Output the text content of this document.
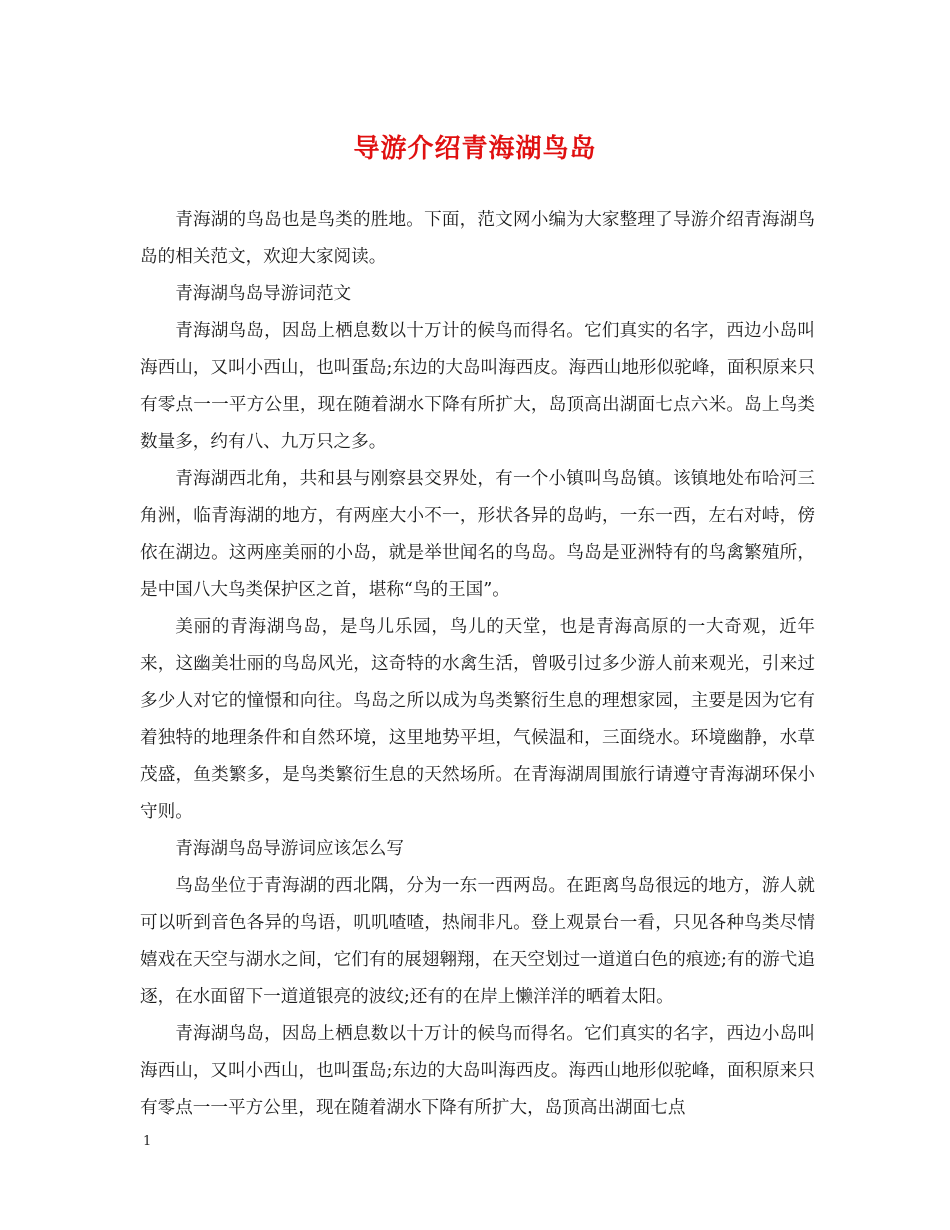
导游介绍青海湖鸟岛

青海湖的鸟岛也是鸟类的胜地。下面，范文网小编为大家整理了导游介绍青海湖鸟岛的相关范文，欢迎大家阅读。

青海湖鸟岛导游词范文

青海湖鸟岛，因岛上栖息数以十万计的候鸟而得名。它们真实的名字，西边小岛叫海西山，又叫小西山，也叫蛋岛;东边的大岛叫海西皮。海西山地形似驼峰，面积原来只有零点一一平方公里，现在随着湖水下降有所扩大，岛顶高出湖面七点六米。岛上鸟类数量多，约有八、九万只之多。

青海湖西北角，共和县与刚察县交界处，有一个小镇叫鸟岛镇。该镇地处布哈河三角洲，临青海湖的地方，有两座大小不一，形状各异的岛屿，一东一西，左右对峙，傍依在湖边。这两座美丽的小岛，就是举世闻名的鸟岛。鸟岛是亚洲特有的鸟禽繁殖所，是中国八大鸟类保护区之首，堪称“鸟的王国”。

美丽的青海湖鸟岛，是鸟儿乐园，鸟儿的天堂，也是青海高原的一大奇观，近年来，这幽美壮丽的鸟岛风光，这奇特的水禽生活，曾吸引过多少游人前来观光，引来过多少人对它的憧憬和向往。鸟岛之所以成为鸟类繁衍生息的理想家园，主要是因为它有着独特的地理条件和自然环境，这里地势平坦，气候温和，三面绕水。环境幽静，水草茂盛，鱼类繁多，是鸟类繁衍生息的天然场所。在青海湖周围旅行请遵守青海湖环保小守则。

青海湖鸟岛导游词应该怎么写

鸟岛坐位于青海湖的西北隅，分为一东一西两岛。在距离鸟岛很远的地方，游人就可以听到音色各异的鸟语，叽叽喳喳，热闹非凡。登上观景台一看，只见各种鸟类尽情嬉戏在天空与湖水之间，它们有的展翅翱翔，在天空划过一道道白色的痕迹;有的游弋追逐，在水面留下一道道银亮的波纹;还有的在岸上懒洋洋的晒着太阳。

青海湖鸟岛，因岛上栖息数以十万计的候鸟而得名。它们真实的名字，西边小岛叫海西山，又叫小西山，也叫蛋岛;东边的大岛叫海西皮。海西山地形似驼峰，面积原来只有零点一一平方公里，现在随着湖水下降有所扩大，岛顶高出湖面七点

1
